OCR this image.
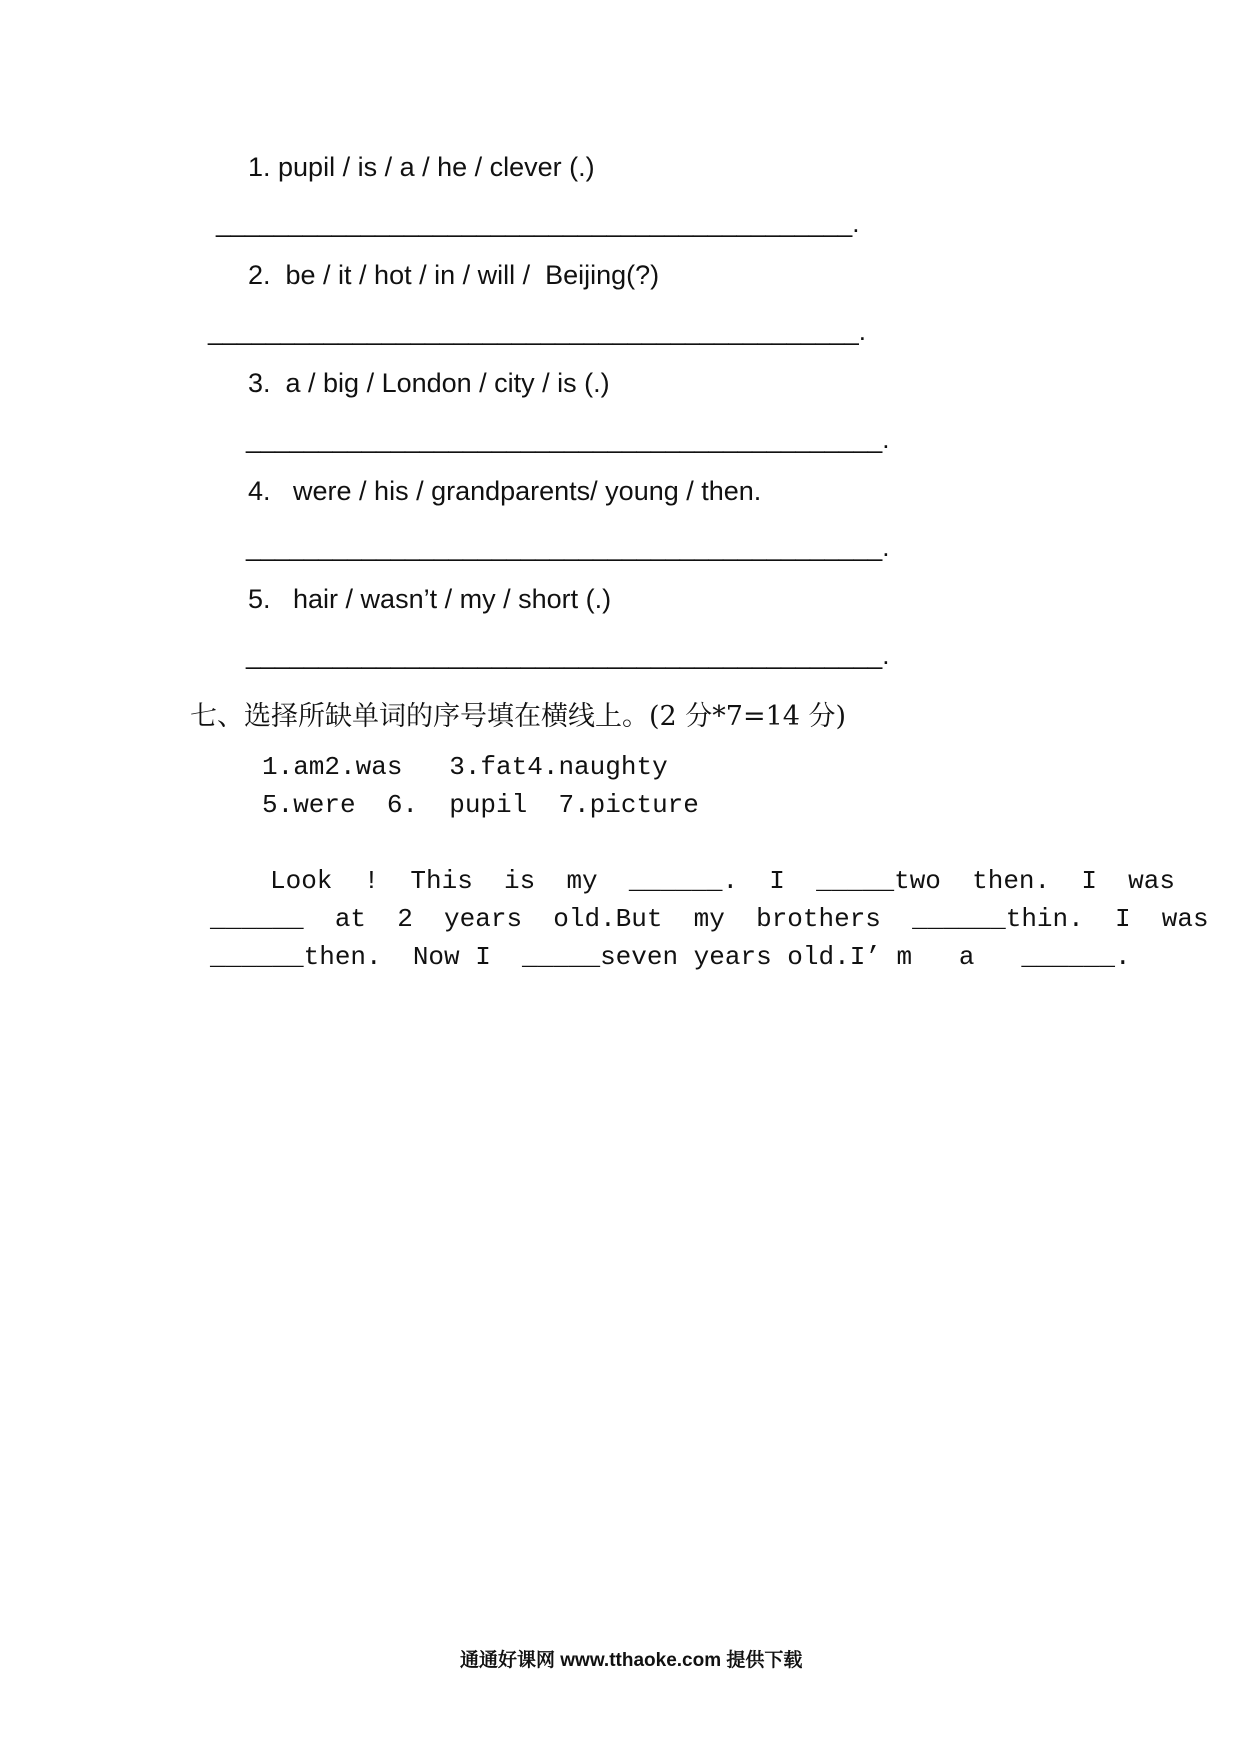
1. pupil / is / a / he / clever (.)
____________________________________________.
2.  be / it / hot / in / will /  Beijing(?)
_____________________________________________.
3.  a / big / London / city / is (.)
____________________________________________.
4.   were / his / grandparents/ young / then.
____________________________________________.
5.   hair / wasn’t / my / short (.)
____________________________________________.
七、选择所缺单词的序号填在横线上。(2 分*7=14 分)
1.am2.was   3.fat4.naughty
5.were  6.  pupil  7.picture
Look  !  This  is  my  ______.  I  _____two  then.  I  was
______  at  2  years  old.But  my  brothers  ______thin.  I  was
______then.  Now I  _____seven years old.I’ m   a   ______.
通通好课网 www.tthaoke.com 提供下载
